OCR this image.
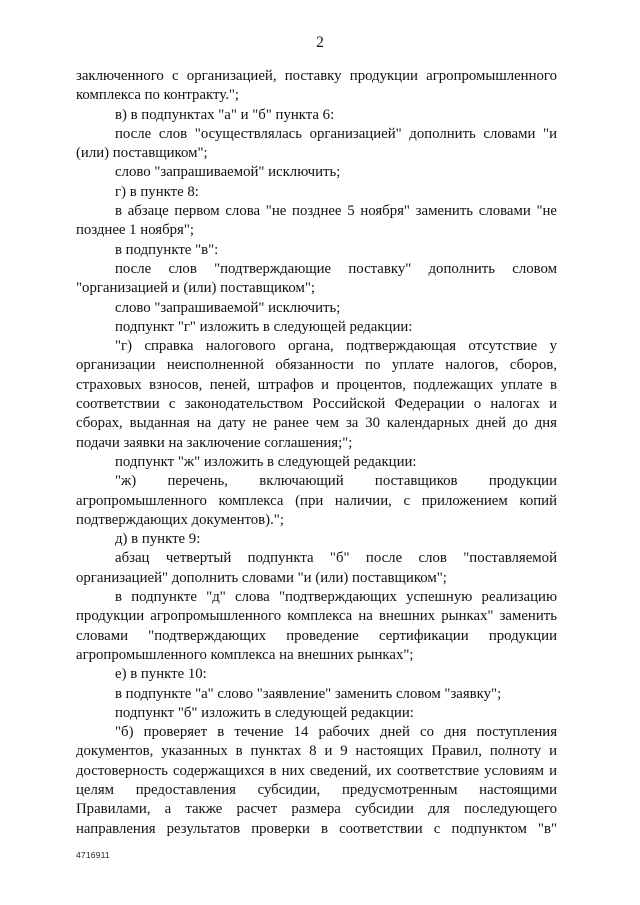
2

заключенного с организацией, поставку продукции агропромышленного комплекса по контракту.";

в) в подпунктах "а" и "б" пункта 6:

после слов "осуществлялась организацией" дополнить словами "и (или) поставщиком";

слово "запрашиваемой" исключить;

г) в пункте 8:

в абзаце первом слова "не позднее 5 ноября" заменить словами "не позднее 1 ноября";

в подпункте "в":

после слов "подтверждающие поставку" дополнить словом "организацией и (или) поставщиком";

слово "запрашиваемой" исключить;

подпункт "г" изложить в следующей редакции:

"г) справка налогового органа, подтверждающая отсутствие у организации неисполненной обязанности по уплате налогов, сборов, страховых взносов, пеней, штрафов и процентов, подлежащих уплате в соответствии с законодательством Российской Федерации о налогах и сборах, выданная на дату не ранее чем за 30 календарных дней до дня подачи заявки на заключение соглашения;";

подпункт "ж" изложить в следующей редакции:

"ж) перечень, включающий поставщиков продукции агропромышленного комплекса (при наличии, с приложением копий подтверждающих документов).";

д) в пункте 9:

абзац четвертый подпункта "б" после слов "поставляемой организацией" дополнить словами "и (или) поставщиком";

в подпункте "д" слова "подтверждающих успешную реализацию продукции агропромышленного комплекса на внешних рынках" заменить словами "подтверждающих проведение сертификации продукции агропромышленного комплекса на внешних рынках";

е) в пункте 10:

в подпункте "а" слово "заявление" заменить словом "заявку";

подпункт "б" изложить в следующей редакции:

"б) проверяет в течение 14 рабочих дней со дня поступления документов, указанных в пунктах 8 и 9 настоящих Правил, полноту и достоверность содержащихся в них сведений, их соответствие условиям и целям предоставления субсидии, предусмотренным настоящими Правилами, а также расчет размера субсидии для последующего направления результатов проверки в соответствии с подпунктом "в"

4716911
